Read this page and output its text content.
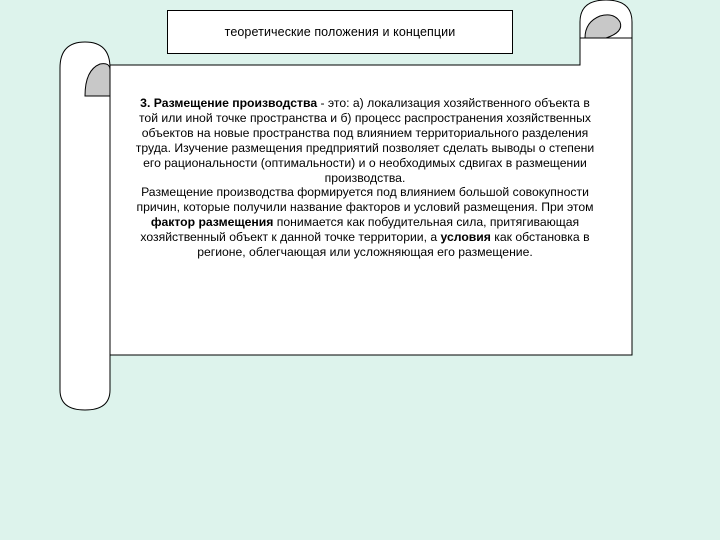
теоретические положения и концепции

3. Размещение производства - это: а) локализация хозяйственного объекта в той или иной точке пространства и б) процесс распространения хозяйственных объектов на новые пространства под влиянием территориального разделения труда. Изучение размещения предприятий позволяет сделать выводы о степени его рациональности (оптимальности) и о необходимых сдвигах в размещении производства.

Размещение производства формируется под влиянием большой совокупности причин, которые получили название факторов и условий размещения. При этом фактор размещения понимается как побудительная сила, притягивающая хозяйственный объект к данной точке территории, а условия как обстановка в регионе, облегчающая или усложняющая его размещение.
